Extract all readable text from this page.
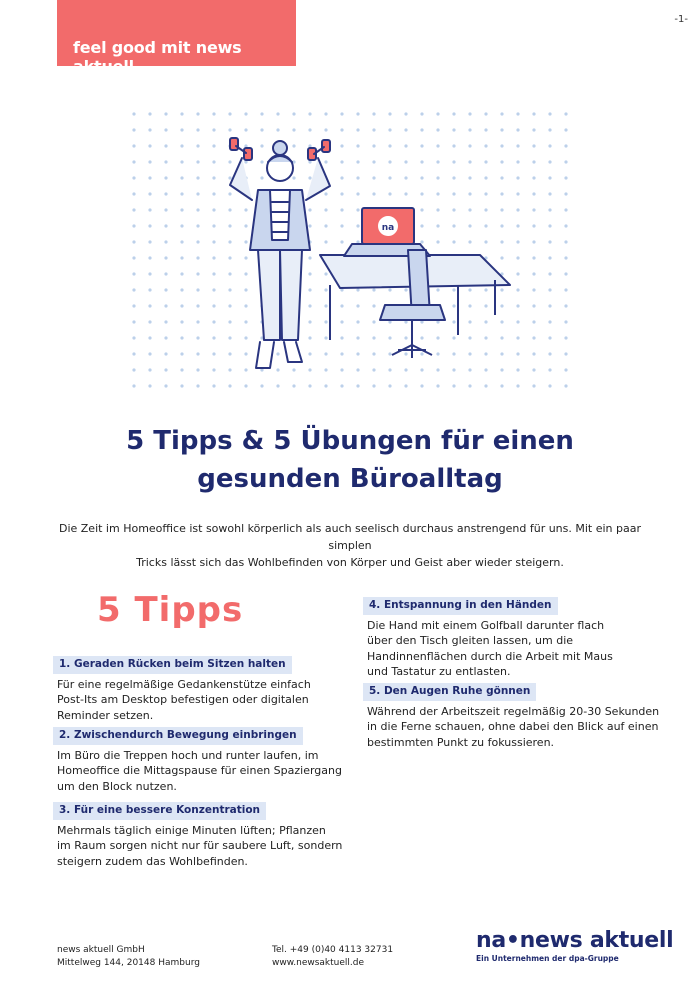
feel good mit news aktuell
-1-
na
5 Tipps & 5 Übungen für einen
gesunden Büroalltag
Die Zeit im Homeoffice ist sowohl körperlich als auch seelisch durchaus anstrengend für uns. Mit ein paar simplen
Tricks lässt sich das Wohlbefinden von Körper und Geist aber wieder steigern.
5 Tipps
1. Geraden Rücken beim Sitzen halten

Für eine regelmäßige Gedankenstütze einfach

Post-Its am Desktop befestigen oder digitalen

Reminder setzen.

2. Zwischendurch Bewegung einbringen

Im Büro die Treppen hoch und runter laufen, im

Homeoffice die Mittagspause für einen Spaziergang

um den Block nutzen.

3. Für eine bessere Konzentration

Mehrmals täglich einige Minuten lüften; Pflanzen

im Raum sorgen nicht nur für saubere Luft, sondern

steigern zudem das Wohlbefinden.

4. Entspannung in den Händen

Die Hand mit einem Golfball darunter flach

über den Tisch gleiten lassen, um die

Handinnenflächen durch die Arbeit mit Maus

und Tastatur zu entlasten.

5. Den Augen Ruhe gönnen

Während der Arbeitszeit regelmäßig 20-30 Sekunden

in die Ferne schauen, ohne dabei den Blick auf einen

bestimmten Punkt zu fokussieren.

news aktuell GmbH
Mittelweg 144, 20148 Hamburg
Tel. +49 (0)40 4113 32731
www.newsaktuell.de
na•news aktuell
Ein Unternehmen der dpa-Gruppe
